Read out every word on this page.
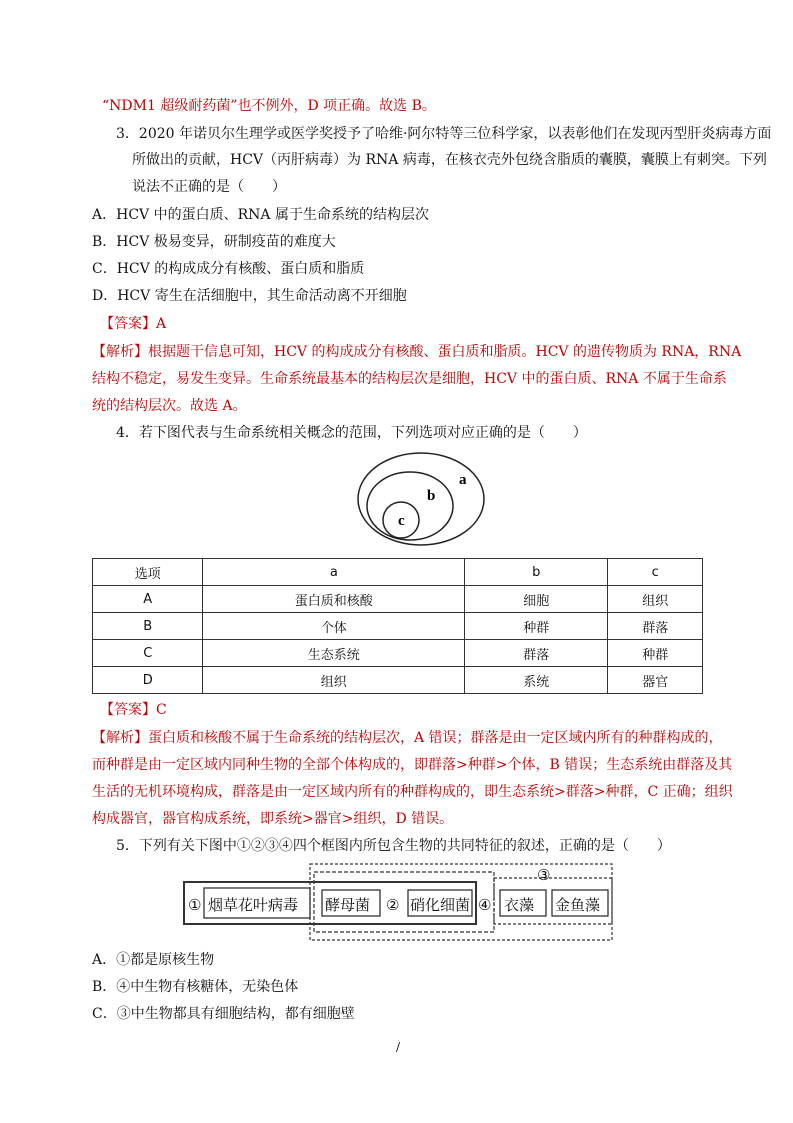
“NDM1 超级耐药菌”也不例外，D 项正确。故选 B。
3．2020 年诺贝尔生理学或医学奖授予了哈维·阿尔特等三位科学家，以表彰他们在发现丙型肝炎病毒方面
所做出的贡献，HCV（丙肝病毒）为 RNA 病毒，在核衣壳外包绕含脂质的囊膜，囊膜上有刺突。下列
说法不正确的是（　　）
A．HCV 中的蛋白质、RNA 属于生命系统的结构层次
B．HCV 极易变异，研制疫苗的难度大
C．HCV 的构成成分有核酸、蛋白质和脂质
D．HCV 寄生在活细胞中，其生命活动离不开细胞
【答案】A
【解析】根据题干信息可知，HCV 的构成成分有核酸、蛋白质和脂质。HCV 的遗传物质为 RNA，RNA
结构不稳定，易发生变异。生命系统最基本的结构层次是细胞，HCV 中的蛋白质、RNA 不属于生命系
统的结构层次。故选 A。
4．若下图代表与生命系统相关概念的范围，下列选项对应正确的是（　　）
a
b
c
选项	a	b	c
A	蛋白质和核酸	细胞	组织
B	个体	种群	群落
C	生态系统	群落	种群
D	组织	系统	器官
【答案】C
【解析】蛋白质和核酸不属于生命系统的结构层次，A 错误；群落是由一定区域内所有的种群构成的，
而种群是由一定区域内同种生物的全部个体构成的，即群落>种群>个体，B 错误；生态系统由群落及其
生活的无机环境构成，群落是由一定区域内所有的种群构成的，即生态系统>群落>种群，C 正确；组织
构成器官，器官构成系统，即系统>器官>组织，D 错误。
5．下列有关下图中①②③④四个框图内所包含生物的共同特征的叙述，正确的是（　　）
① 烟草花叶病毒 酵母菌 ② 硝化细菌 ④
③
衣藻 金鱼藻
A．①都是原核生物
B．④中生物有核糖体，无染色体
C．③中生物都具有细胞结构，都有细胞壁
/
